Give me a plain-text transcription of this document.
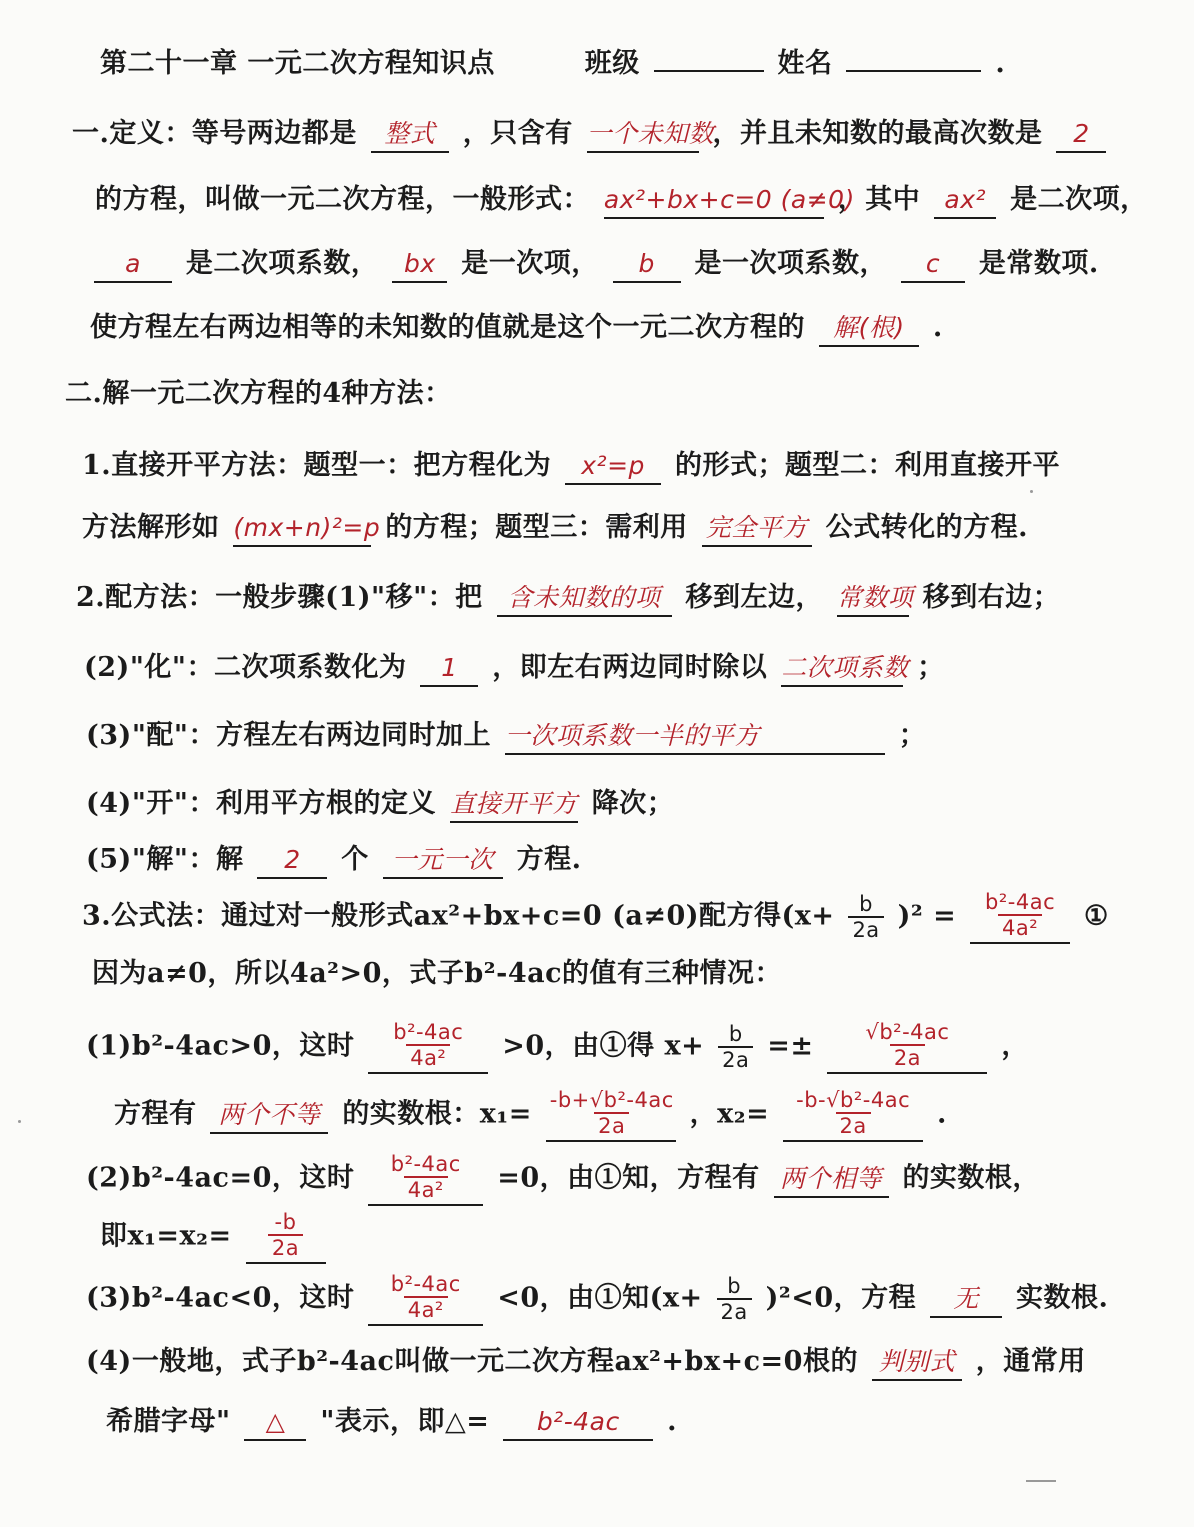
第二十一章 一元二次方程知识点	班级	姓名	.
一.定义：等号两边都是 整式 ，只含有 一个未知数 ，并且未知数的最高次数是 2
的方程，叫做一元二次方程，一般形式： ax²+bx+c=0 (a≠0) ，其中 ax² 是二次项，
a 是二次项系数， bx 是一次项， b 是一次项系数， c 是常数项.
使方程左右两边相等的未知数的值就是这个一元二次方程的 解(根) .
二.解一元二次方程的4种方法：
1.直接开平方法：题型一：把方程化为 x²=p 的形式；题型二：利用直接开平
方法解形如 (mx+n)²=p 的方程；题型三：需利用 完全平方 公式转化的方程.
2.配方法：一般步骤(1)"移"：把 含未知数的项 移到左边， 常数项 移到右边；
(2)"化"：二次项系数化为 1 ，即左右两边同时除以 二次项系数 ；
(3)"配"：方程左右两边同时加上 一次项系数一半的平方	；
(4)"开"：利用平方根的定义 直接开平方 降次；
(5)"解"：解 2 个 一元一次 方程.
3.公式法：通过对一般形式ax²+bx+c=0 (a≠0)配方得$(x+ \frac{b}{2a} )^2 = \frac{\text{b²-4ac}}{\text{4a²}}$ ①
因为a≠0，所以4a²>0，式子b²-4ac的值有三种情况：
(1)b²-4ac>0，这时 $\frac{\text{b²-4ac}}{\text{4a²}} >0$，由①得 $x+ \frac{b}{2a} =\pm \frac{\text{√b²-4ac}}{2a}$ ，
方程有 两个不等 的实数根：$x_1= \frac{\text{-b+√b²-4ac}}{2a}$ ，$x_2= \frac{\text{-b-√b²-4ac}}{2a}$ .
(2)b²-4ac=0，这时 $\frac{\text{b²-4ac}}{\text{4a²}} =0$，由①知，方程有 两个相等 的实数根，
即$x_1=x_2= \frac{-b}{2a}$
(3)b²-4ac<0，这时 $\frac{\text{b²-4ac}}{\text{4a²}} <0$，由①知$(x+ \frac{b}{2a} )^2<0$，方程 无 实数根.
(4)一般地，式子b²-4ac叫做一元二次方程ax²+bx+c=0根的 判别式 ，通常用
希腊字母" △ "表示，即△= b²-4ac .
